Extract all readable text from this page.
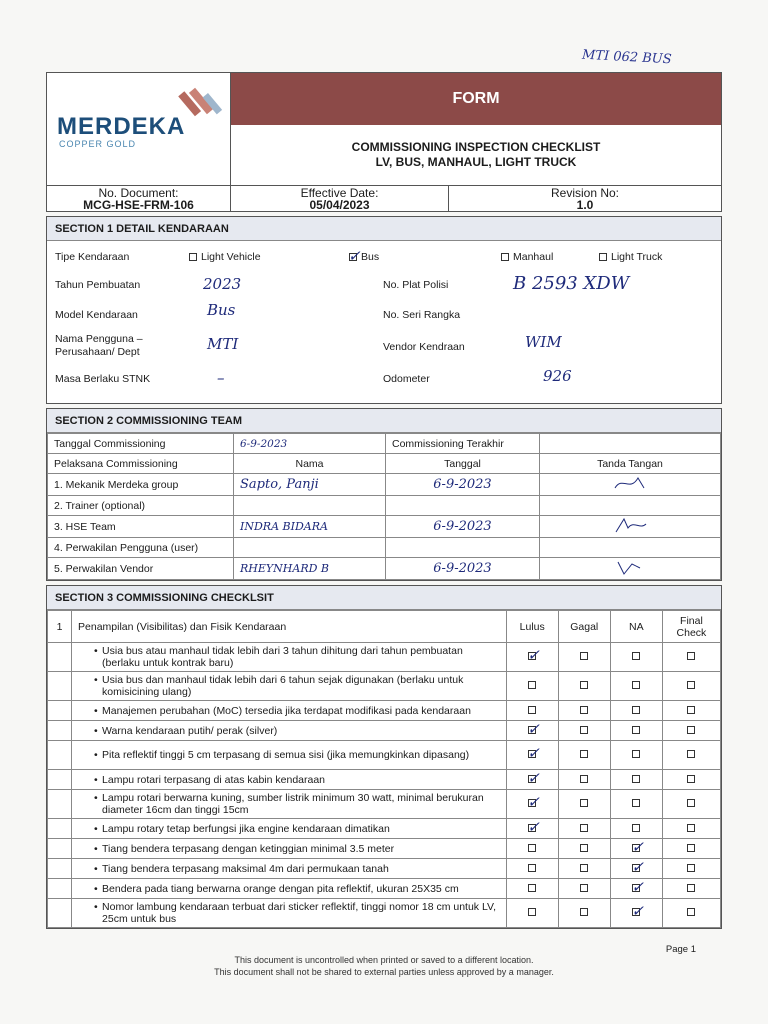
MTI 062 BUS
MERDEKA
COPPER GOLD
FORM
COMMISSIONING INSPECTION CHECKLIST
LV, BUS, MANHAUL, LIGHT TRUCK
No. Document:
MCG-HSE-FRM-106
Effective Date:
05/04/2023
Revision No:
1.0
SECTION 1 DETAIL KENDARAAN
Tipe Kendaraan	Light Vehicle	✓ Bus	Manhaul	Light Truck
Tahun Pembuatan	2023	No. Plat Polisi	B 2593 XDW
Model Kendaraan	Bus	No. Seri Rangka
Nama Pengguna –
Perusahaan/ Dept	MTI	Vendor Kendraan	WIM
Masa Berlaku STNK	–	Odometer	926
SECTION 2 COMMISSIONING TEAM
Tanggal Commissioning	6-9-2023	Commissioning Terakhir	
Pelaksana Commissioning	Nama	Tanggal	Tanda Tangan
1. Mekanik Merdeka group	Sapto, Panji	6-9-2023	
2. Trainer (optional)			
3. HSE Team	INDRA BIDARA	6-9-2023	
4. Perwakilan Pengguna (user)			
5. Perwakilan Vendor	RHEYNHARD B	6-9-2023	
SECTION 3 COMMISSIONING CHECKLSIT
1	Penampilan (Visibilitas) dan Fisik Kendaraan	Lulus	Gagal	NA	Final Check

	• Usia bus atau manhaul tidak lebih dari 3 tahun dihitung dari tahun pembuatan (berlaku untuk kontrak baru)	✓			

	• Usia bus dan manhaul tidak lebih dari 6 tahun sejak digunakan (berlaku untuk komisicining ulang)

	• Manajemen perubahan (MoC) tersedia jika terdapat modifikasi pada kendaraan

	• Warna kendaraan putih/ perak (silver)	✓			

	• Pita reflektif tinggi 5 cm terpasang di semua sisi (jika memungkinkan dipasang)	✓			

	• Lampu rotari terpasang di atas kabin kendaraan	✓			

	• Lampu rotari berwarna kuning, sumber listrik minimum 30 watt, minimal berukuran diameter 16cm dan tinggi 15cm	✓			

	• Lampu rotary tetap berfungsi jika engine kendaraan dimatikan	✓			

	• Tiang bendera terpasang dengan ketinggian minimal 3.5 meter			✓	

	• Tiang bendera terpasang maksimal 4m dari permukaan tanah			✓	

	• Bendera pada tiang berwarna orange dengan pita reflektif, ukuran 25X35 cm			✓	

	• Nomor lambung kendaraan terbuat dari sticker reflektif, tinggi nomor 18 cm untuk LV, 25cm untuk bus			✓	

Page 1
This document is uncontrolled when printed or saved to a different location.
This document shall not be shared to external parties unless approved by a manager.
